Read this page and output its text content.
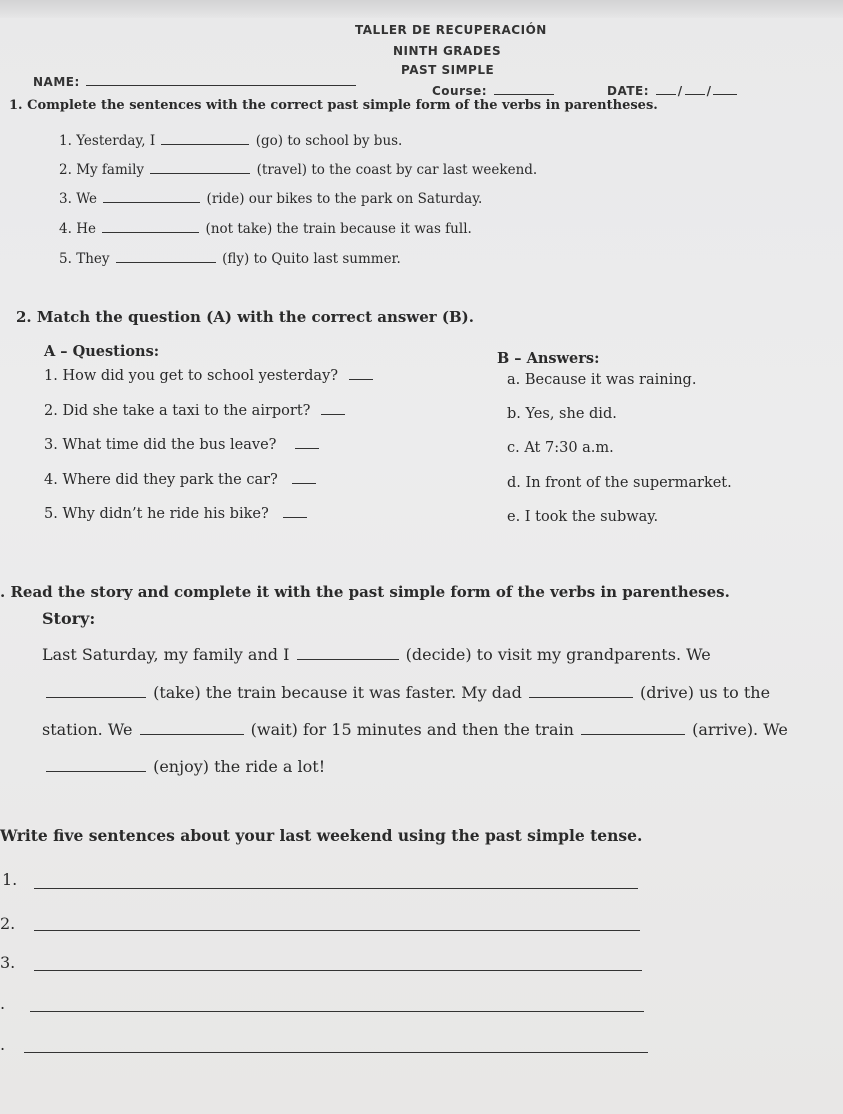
TALLER DE RECUPERACIÓN
NINTH GRADES
PAST SIMPLE
NAME:
Course:	DATE: / /
1. Complete the sentences with the correct past simple form of the verbs in parentheses.
1. Yesterday, I	(go) to school by bus.
2. My family	(travel) to the coast by car last weekend.
3. We	(ride) our bikes to the park on Saturday.
4. He	(not take) the train because it was full.
5. They	(fly) to Quito last summer.
2. Match the question (A) with the correct answer (B).
A – Questions:	B – Answers:
1. How did you get to school yesterday?
2. Did she take a taxi to the airport?
3. What time did the bus leave?
4. Where did they park the car?
5. Why didn’t he ride his bike?
a. Because it was raining.
b. Yes, she did.
c. At 7:30 a.m.
d. In front of the supermarket.
e. I took the subway.
. Read the story and complete it with the past simple form of the verbs in parentheses.
Story:
Last Saturday, my family and I	(decide) to visit my grandparents. We
(take) the train because it was faster. My dad	(drive) us to the
station. We	(wait) for 15 minutes and then the train	(arrive). We
(enjoy) the ride a lot!
Write five sentences about your last weekend using the past simple tense.
1.
2.
3.
.
.
